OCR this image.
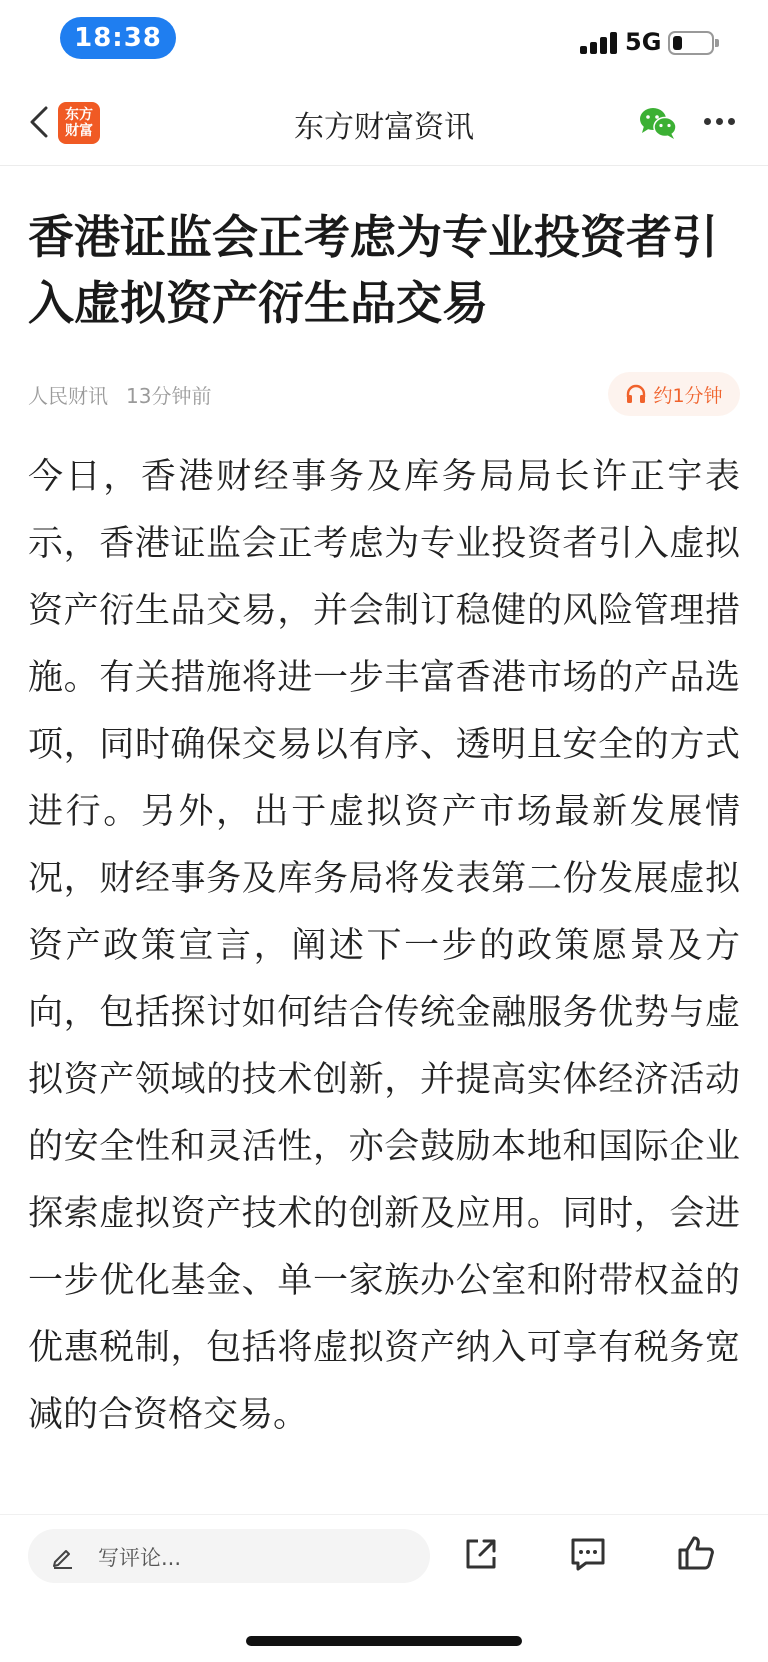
18:38	5G
东方财富	东方财富资讯
香港证监会正考虑为专业投资者引入虚拟资产衍生品交易
人民财讯 13分钟前	约1分钟
今日，香港财经事务及库务局局长许正宇表示，香港证监会正考虑为专业投资者引入虚拟资产衍生品交易，并会制订稳健的风险管理措施。有关措施将进一步丰富香港市场的产品选项，同时确保交易以有序、透明且安全的方式进行。另外，出于虚拟资产市场最新发展情况，财经事务及库务局将发表第二份发展虚拟资产政策宣言，阐述下一步的政策愿景及方向，包括探讨如何结合传统金融服务优势与虚拟资产领域的技术创新，并提高实体经济活动的安全性和灵活性，亦会鼓励本地和国际企业探索虚拟资产技术的创新及应用。同时，会进一步优化基金、单一家族办公室和附带权益的优惠税制，包括将虚拟资产纳入可享有税务宽减的合资格交易。
写评论...
